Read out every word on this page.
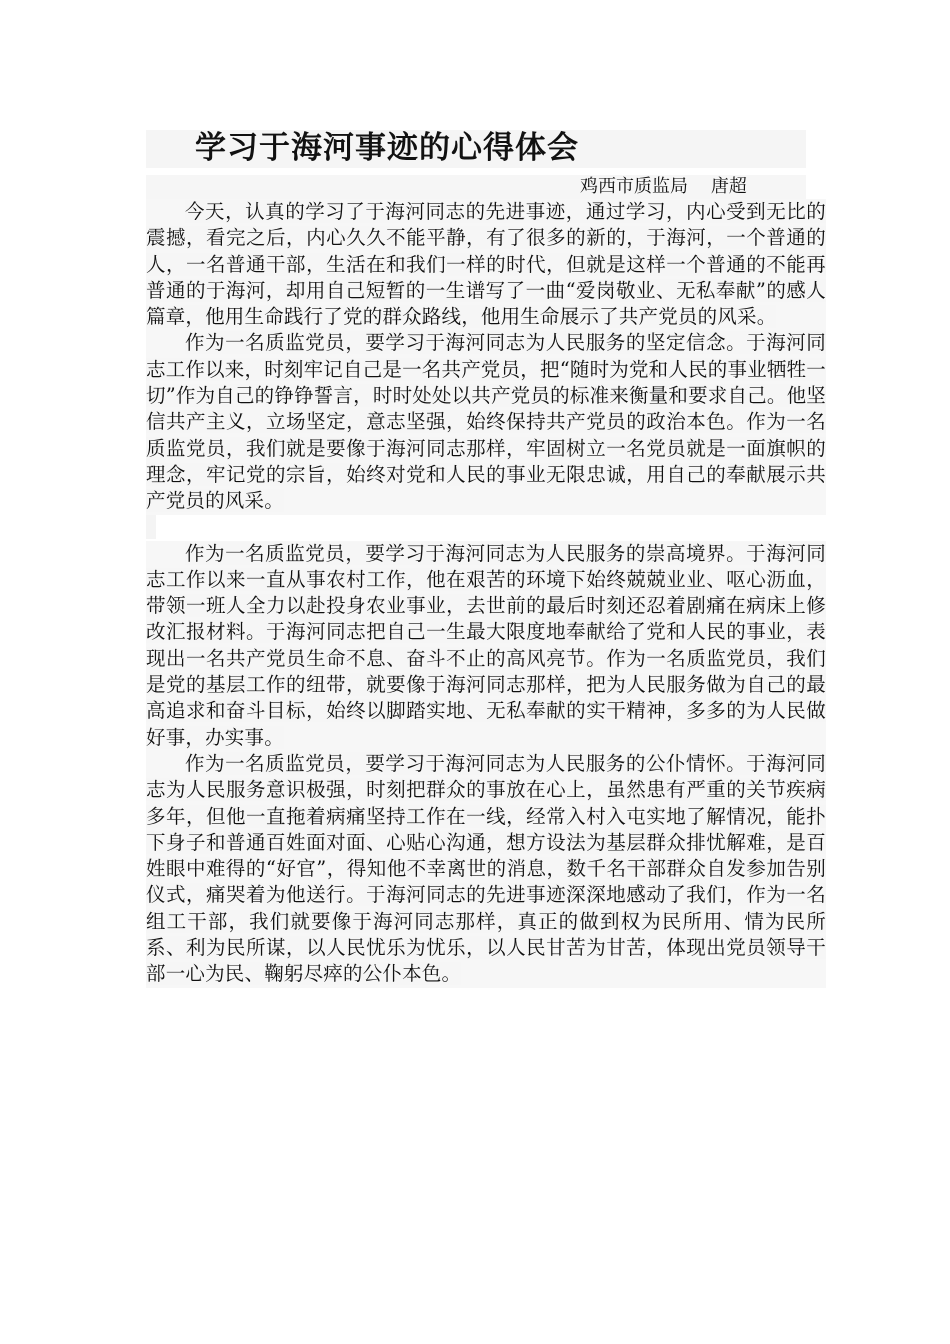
学习于海河事迹的心得体会
鸡西市质监局    唐超

今天，认真的学习了于海河同志的先进事迹，通过学习，内心受到无比的震撼，看完之后，内心久久不能平静，有了很多的新的，于海河，一个普通的人，一名普通干部，生活在和我们一样的时代，但就是这样一个普通的不能再普通的于海河，却用自己短暂的一生谱写了一曲“爱岗敬业、无私奉献”的感人篇章，他用生命践行了党的群众路线，他用生命展示了共产党员的风采。

作为一名质监党员，要学习于海河同志为人民服务的坚定信念。于海河同志工作以来，时刻牢记自己是一名共产党员，把“随时为党和人民的事业牺牲一切”作为自己的铮铮誓言，时时处处以共产党员的标准来衡量和要求自己。他坚信共产主义，立场坚定，意志坚强，始终保持共产党员的政治本色。作为一名质监党员，我们就是要像于海河同志那样，牢固树立一名党员就是一面旗帜的理念，牢记党的宗旨，始终对党和人民的事业无限忠诚，用自己的奉献展示共产党员的风采。

作为一名质监党员，要学习于海河同志为人民服务的崇高境界。于海河同志工作以来一直从事农村工作，他在艰苦的环境下始终兢兢业业、呕心沥血，带领一班人全力以赴投身农业事业，去世前的最后时刻还忍着剧痛在病床上修改汇报材料。于海河同志把自己一生最大限度地奉献给了党和人民的事业，表现出一名共产党员生命不息、奋斗不止的高风亮节。作为一名质监党员，我们是党的基层工作的纽带，就要像于海河同志那样，把为人民服务做为自己的最高追求和奋斗目标，始终以脚踏实地、无私奉献的实干精神，多多的为人民做好事，办实事。

作为一名质监党员，要学习于海河同志为人民服务的公仆情怀。于海河同志为人民服务意识极强，时刻把群众的事放在心上，虽然患有严重的关节疾病多年，但他一直拖着病痛坚持工作在一线，经常入村入屯实地了解情况，能扑下身子和普通百姓面对面、心贴心沟通，想方设法为基层群众排忧解难，是百姓眼中难得的“好官”，得知他不幸离世的消息，数千名干部群众自发参加告别仪式，痛哭着为他送行。于海河同志的先进事迹深深地感动了我们，作为一名组工干部，我们就要像于海河同志那样，真正的做到权为民所用、情为民所系、利为民所谋，以人民忧乐为忧乐，以人民甘苦为甘苦，体现出党员领导干部一心为民、鞠躬尽瘁的公仆本色。
